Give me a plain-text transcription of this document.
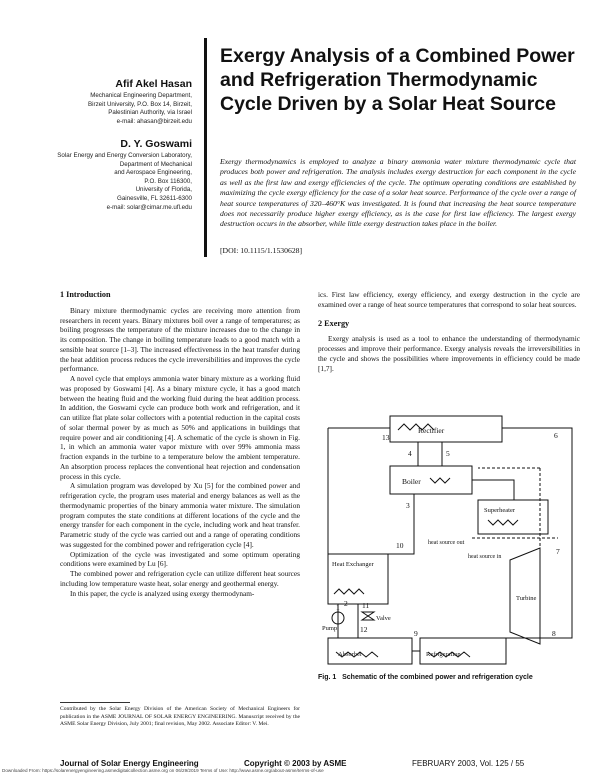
Afif Akel Hasan
Mechanical Engineering Department,
Birzeit University, P.O. Box 14, Birzeit,
Palestinian Authority, via Israel
e-mail: ahasan@birzeit.edu
D. Y. Goswami
Solar Energy and Energy Conversion Laboratory,
Department of Mechanical
and Aerospace Engineering,
P.O. Box 116300,
University of Florida,
Gainesville, FL 32611-6300
e-mail: solar@cimar.me.ufl.edu
Exergy Analysis of a Combined Power and Refrigeration Thermodynamic Cycle Driven by a Solar Heat Source
Exergy thermodynamics is employed to analyze a binary ammonia water mixture thermodynamic cycle that produces both power and refrigeration. The analysis includes exergy destruction for each component in the cycle as well as the first law and exergy efficiencies of the cycle. The optimum operating conditions are established by maximizing the cycle exergy efficiency for the case of a solar heat source. Performance of the cycle over a range of heat source temperatures of 320–460°K was investigated. It is found that increasing the heat source temperature does not necessarily produce higher exergy efficiency, as is the case for first law efficiency. The largest exergy destruction occurs in the absorber, while little exergy destruction takes place in the boiler.
[DOI: 10.1115/1.1530628]
1 Introduction

Binary mixture thermodynamic cycles are receiving more attention from researchers in recent years. Binary mixtures boil over a range of temperatures; as boiling progresses the temperature of the mixture increases due to the change in its composition. The change in boiling temperature leads to a good match with a sensible heat source [1–3]. The increased effectiveness in the heat transfer during the heat addition process reduces the cycle irreversibilities and improves the cycle performance.

A novel cycle that employs ammonia water binary mixture as a working fluid was proposed by Goswami [4]. As a binary mixture cycle, it has a good match between the heating fluid and the working fluid during the heat addition process. In addition, the Goswami cycle can produce both work and refrigeration, and it can utilize flat plate solar collectors with a potential reduction in the capital costs of solar thermal power by as much as 50% and applications in buildings that require power and air conditioning [4]. A schematic of the cycle is shown in Fig. 1, in which an ammonia water vapor mixture with over 99% ammonia mass fraction expands in the turbine to a temperature below the ambient temperature. An absorption process replaces the conventional heat rejection and condensation process in this cycle.

A simulation program was developed by Xu [5] for the combined power and refrigeration cycle, the program uses material and energy balances as well as the thermodynamic properties of the binary ammonia water mixture. The simulation program computes the state conditions at different locations of the cycle and the energy transfer for each component in the cycle, including work and heat transfer. Parametric study of the cycle was carried out and a range of operating conditions was suggested for the combined power and refrigeration cycle [4].

Optimization of the cycle was investigated and some optimum operating conditions were examined by Lu [6].

The combined power and refrigeration cycle can utilize different heat sources including low temperature waste heat, solar energy and geothermal energy.

In this paper, the cycle is analyzed using exergy thermodynam-

Contributed by the Solar Energy Division of the American Society of Mechanical Engineers for publication in the ASME JOURNAL OF SOLAR ENERGY ENGINEERING. Manuscript received by the ASME Solar Energy Division, July 2001; final revision, May 2002. Associate Editor: V. Mei.

ics. First law efficiency, exergy efficiency, and exergy destruction in the cycle are examined over a range of heat source temperatures that correspond to solar heat sources.

2 Exergy

Exergy analysis is used as a tool to enhance the understanding of thermodynamic processes and improve their performance. Exergy analysis reveals the irreversibilities in the cycle and shows the possibilities where improvements in efficiency could be made [1,7].

Rectifier
Boiler
Superheater
Heat Exchanger
Turbine
Pump
Valve
Absorber	Refrigeration
heat source out
heat source in
1 2
3
4	5
6
7
8
9
10
11
12
13
Fig. 1 Schematic of the combined power and refrigeration cycle
Journal of Solar Energy Engineering	Copyright © 2003 by ASME	FEBRUARY 2003, Vol. 125 / 55
Downloaded From: https://solarenergyengineering.asmedigitalcollection.asme.org on 06/29/2019 Terms of Use: http://www.asme.org/about-asme/terms-of-use
